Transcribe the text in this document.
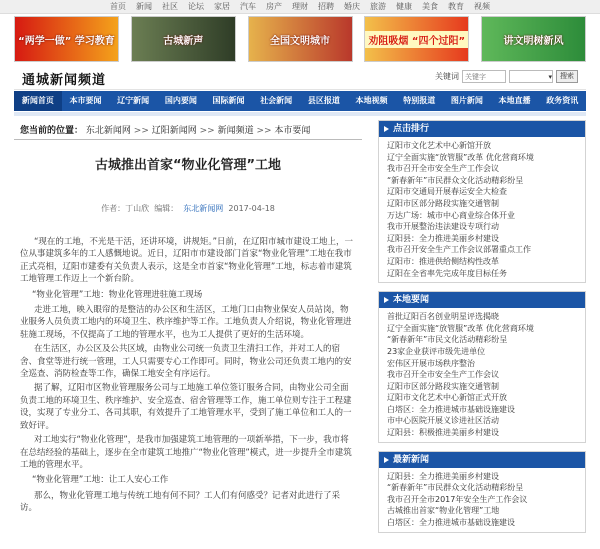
首页 新闻 社区 论坛 家居 汽车 房产 理财 招聘 婚庆 旅游 健康 美食 教育 视频
“两学一做” 学习教育	古城新声	全国文明城市	劝阻吸烟 “四个过阳”	讲文明树新风
通城新闻频道	关键词
关键字	▾	搜索
新闻首页	本市要闻	辽宁新闻	国内要闻	国际新闻	社会新闻	县区报道	本地视频	特别报道	图片新闻	本地直播	政务资讯
您当前的位置： 东北新闻网 >> 辽阳新闻网 >> 新闻频道 >> 本市要闻
古城推出首家“物业化管理”工地
作者：丁山欣 编辑： 东北新闻网 2017-04-18

“现在的工地，不光是干活，还讲环境，讲规矩。”日前，在辽阳市城市建设工地上，一位从事建筑多年的工人感慨地说。近日，辽阳市市建设部门首家“物业化管理”工地在我市正式亮相，辽阳市建委有关负责人表示，这是全市首家“物业化管理”工地，标志着市建筑工地管理工作迈上一个新台阶。

“物业化管理”工地：物业化管理进驻施工现场

走进工地，映入眼帘的是整洁的办公区和生活区，工地门口由物业保安人员站岗，物业服务人员负责工地内的环境卫生、秩序维护等工作。工地负责人介绍说，物业化管理进驻施工现场，不仅提高了工地的管理水平，也为工人提供了更好的生活环境。

在生活区，办公区及公共区域，由物业公司统一负责卫生清扫工作，并对工人的宿舍、食堂等进行统一管理，工人只需要专心工作即可。同时，物业公司还负责工地内的安全巡查、消防检查等工作，确保工地安全有序运行。

据了解，辽阳市区物业管理服务公司与工地施工单位签订服务合同，由物业公司全面负责工地的环境卫生、秩序维护、安全巡查、宿舍管理等工作，施工单位则专注于工程建设，实现了专业分工、各司其职，有效提升了工地管理水平，受到了施工单位和工人的一致好评。

对工地实行“物业化管理”，是我市加强建筑工地管理的一项新举措，下一步，我市将在总结经验的基础上，逐步在全市建筑工地推广“物业化管理”模式，进一步提升全市建筑工地的管理水平。

“物业化管理”工地：让工人安心工作

那么，物业化管理工地与传统工地有何不同？工人们有何感受？记者对此进行了采访。

点击排行
辽阳市文化艺术中心新馆开放
辽宁全面实施“放管服”改革 优化营商环境
我市召开全市安全生产工作会议
“新春新年”市民群众文化活动精彩纷呈
辽阳市交通局开展春运安全大检查
辽阳市区部分路段实施交通管制
万达广场：城市中心商业综合体开业
我市开展整治违法建设专项行动
辽阳县：全力推进美丽乡村建设
我市召开安全生产工作会议部署重点工作
辽阳市：推进供给侧结构性改革
辽阳在全省率先完成年度目标任务
本地要闻
首批辽阳百名创业明星评选揭晓
辽宁全面实施“放管服”改革 优化营商环境
“新春新年”市民文化活动精彩纷呈
23家企业获评市级先进单位
宏伟区开展市场秩序整治
我市召开全市安全生产工作会议
辽阳市区部分路段实施交通管制
辽阳市文化艺术中心新馆正式开放
白塔区：全力推进城市基础设施建设
市中心医院开展义诊进社区活动
辽阳县：积极推进美丽乡村建设
最新新闻
辽阳县：全力推进美丽乡村建设
“新春新年”市民群众文化活动精彩纷呈
我市召开全市2017年安全生产工作会议
古城推出首家“物业化管理”工地
白塔区：全力推进城市基础设施建设
